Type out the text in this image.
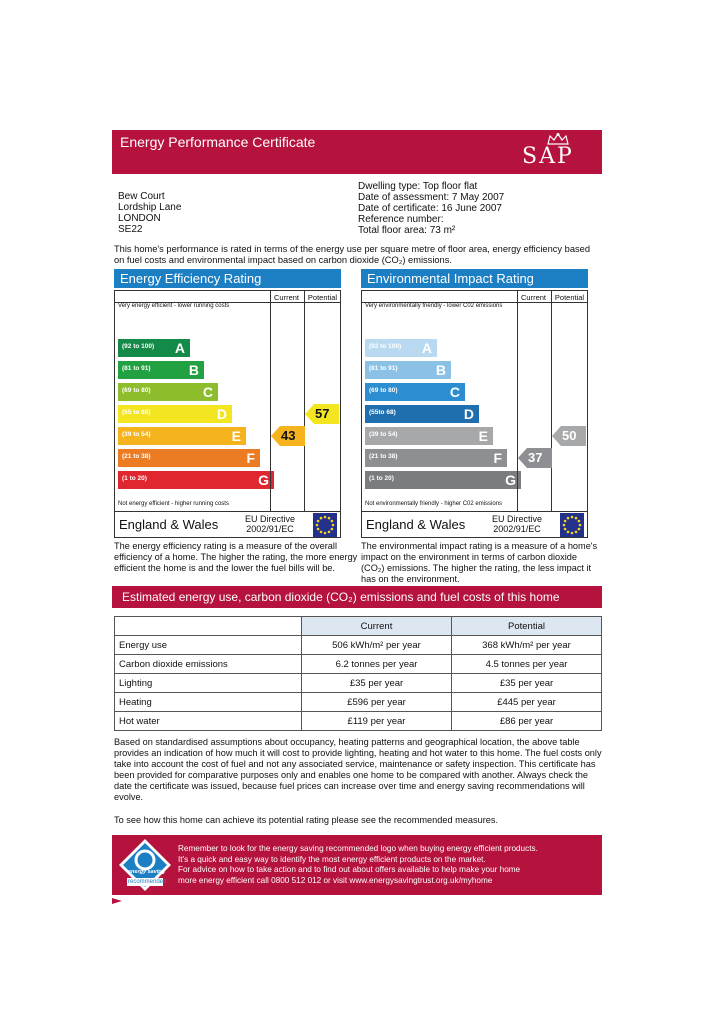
Energy Performance Certificate
SAP
Bew Court
Lordship Lane
LONDON
SE22
Dwelling type: Top floor flat
Date of assessment: 7 May 2007
Date of certificate: 16 June 2007
Reference number:
Total floor area: 73 m²
This home's performance is rated in terms of the energy use per square metre of floor area, energy efficiency based on fuel costs and environmental impact based on carbon dioxide (CO₂) emissions.
Energy Efficiency Rating
Current	Potential
Very energy efficient - lower running costs
Not energy efficient - higher running costs
(92 to 100) A
(81 to 91)	B
(69 to 80)	C
(55 to 68)	D
(39 to 54)	E
(21 to 38)	F
(1 to 20)	G
43
57
England & Wales	EU Directive
2002/91/EC
The energy efficiency rating is a measure of the overall efficiency of a home. The higher the rating, the more energy efficient the home is and the lower the fuel bills will be.
Environmental Impact Rating
Current	Potential
Very environmentally friendly - lower C02 emissions
Not environmentally friendly - higher C02 emissions
(92 to 100) A
(81 to 91)	B
(69 to 80)	C
(55to 68)	D
(39 to 54)	E
(21 to 38)	F
(1 to 20)	G
37
50
England & Wales	EU Directive
2002/91/EC
The environmental impact rating is a measure of a home's impact on the environment in terms of carbon dioxide (CO₂) emissions. The higher the rating, the less impact it has on the environment.
Estimated energy use, carbon dioxide (CO₂) emissions and fuel costs of this home
	Current	Potential
Energy use	506 kWh/m² per year	368 kWh/m² per year
Carbon dioxide emissions	6.2 tonnes per year	4.5 tonnes per year
Lighting	£35 per year	£35 per year
Heating	£596 per year	£445 per year
Hot water	£119 per year	£86 per year
Based on standardised assumptions about occupancy, heating patterns and geographical location, the above table provides an indication of how much it will cost to provide lighting, heating and hot water to this home. The fuel costs only take into account the cost of fuel and not any associated service, maintenance or safety inspection. This certificate has been provided for comparative purposes only and enables one home to be compared with another. Always check the date the certificate was issued, because fuel prices can increase over time and energy saving recommendations will evolve.
To see how this home can achieve its potential rating please see the recommended measures.
energy saving
recommended
Remember to look for the energy saving recommended logo when buying energy efficient products.
It's a quick and easy way to identify the most energy efficient products on the market.
For advice on how to take action and to find out about offers available to help make your home
more energy efficient call 0800 512 012 or visit www.energysavingtrust.org.uk/myhome
